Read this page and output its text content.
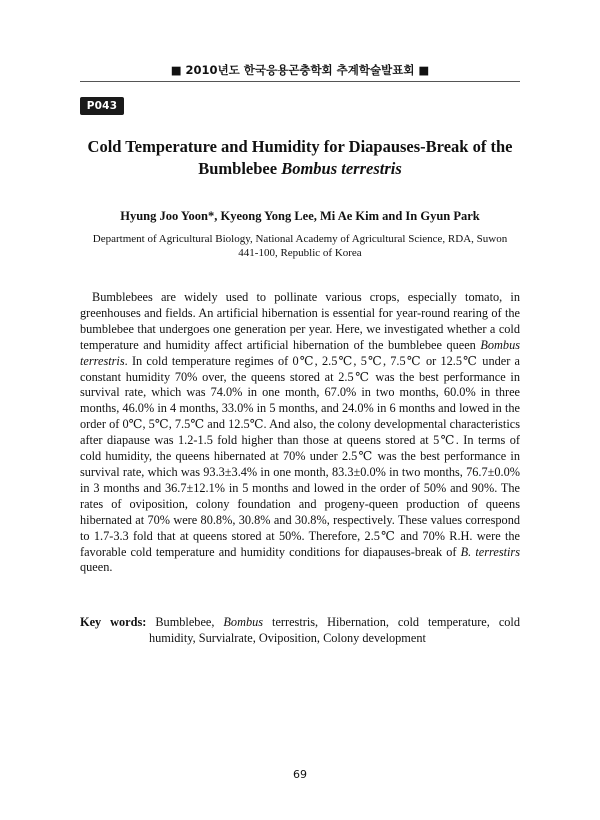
■ 2010년도 한국응용곤충학회 추계학술발표회 ■
P043
Cold Temperature and Humidity for Diapauses-Break of the
Bumblebee Bombus terrestris
Hyung Joo Yoon*, Kyeong Yong Lee, Mi Ae Kim and In Gyun Park
Department of Agricultural Biology, National Academy of Agricultural Science, RDA, Suwon
441-100, Republic of Korea

Bumblebees are widely used to pollinate various crops, especially tomato, in greenhouses and fields. An artificial hibernation is essential for year-round rearing of the bumblebee that undergoes one generation per year. Here, we investigated whether a cold temperature and humidity affect artificial hibernation of the bumblebee queen Bombus terrestris. In cold temperature regimes of 0℃, 2.5℃, 5℃, 7.5℃ or 12.5℃ under a constant humidity 70% over, the queens stored at 2.5℃ was the best performance in survival rate, which was 74.0% in one month, 67.0% in two months, 60.0% in three months, 46.0% in 4 months, 33.0% in 5 months, and 24.0% in 6 months and lowed in the order of 0℃, 5℃, 7.5℃ and 12.5℃. And also, the colony developmental characteristics after diapause was 1.2-1.5 fold higher than those at queens stored at 5℃. In terms of cold humidity, the queens hibernated at 70% under 2.5℃ was the best performance in survival rate, which was 93.3±3.4% in one month, 83.3±0.0% in two months, 76.7±0.0% in 3 months and 36.7±12.1% in 5 months and lowed in the order of 50% and 90%. The rates of oviposition, colony foundation and progeny-queen production of queens hibernated at 70% were 80.8%, 30.8% and 30.8%, respectively. These values correspond to 1.7-3.3 fold that at queens stored at 50%. Therefore, 2.5℃ and 70% R.H. were the favorable cold temperature and humidity conditions for diapauses-break of B. terrestirs queen.

Key words: Bumblebee, Bombus terrestris, Hibernation, cold temperature, cold humidity, Survialrate, Oviposition, Colony development
69
